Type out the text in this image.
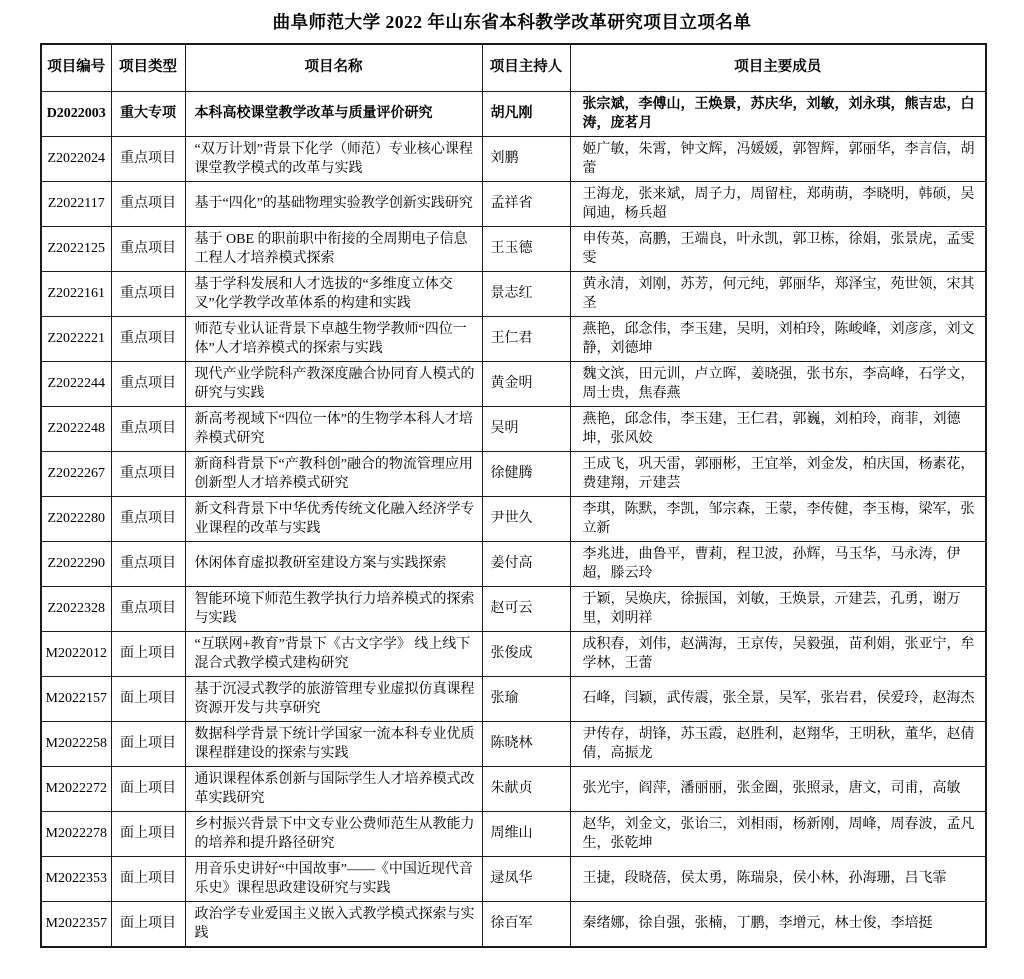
曲阜师范大学 2022 年山东省本科教学改革研究项目立项名单
项目编号	项目类型	项目名称	项目主持人	项目主要成员
D2022003	重大专项	本科高校课堂教学改革与质量评价研究	胡凡刚	张宗斌，李傅山，王焕景，苏庆华，刘敏，刘永琪，熊吉忠，白涛，庞茗月
Z2022024	重点项目	“双万计划”背景下化学（师范）专业核心课程课堂教学模式的改革与实践	刘鹏	姬广敏，朱霄，钟文辉，冯媛媛，郭智辉，郭丽华，李言信，胡蕾
Z2022117	重点项目	基于“四化”的基础物理实验教学创新实践研究	孟祥省	王海龙，张来斌，周子力，周留柱，郑萌萌，李晓明，韩硕，吴闻迪，杨兵超
Z2022125	重点项目	基于 OBE 的职前职中衔接的全周期电子信息工程人才培养模式探索	王玉德	申传英，高鹏，王端良，叶永凯，郭卫栋，徐娟，张景虎，孟雯雯
Z2022161	重点项目	基于学科发展和人才选拔的“多维度立体交叉”化学教学改革体系的构建和实践	景志红	黄永清，刘刚，苏芳，何元纯，郭丽华，郑泽宝，苑世领，宋其圣
Z2022221	重点项目	师范专业认证背景下卓越生物学教师“四位一体”人才培养模式的探索与实践	王仁君	燕艳，邱念伟，李玉建，吴明，刘柏玲，陈峻峰，刘彦彦，刘文静，刘德坤
Z2022244	重点项目	现代产业学院科产教深度融合协同育人模式的研究与实践	黄金明	魏文滨，田元训，卢立晖，姜晓强，张书东，李高峰，石学文，周士贵，焦春燕
Z2022248	重点项目	新高考视域下“四位一体”的生物学本科人才培养模式研究	吴明	燕艳，邱念伟，李玉建，王仁君，郭巍，刘柏玲，商菲，刘德坤，张风姣
Z2022267	重点项目	新商科背景下“产教科创”融合的物流管理应用创新型人才培养模式研究	徐健腾	王成飞，巩天雷，郭丽彬，王宜举，刘金发，柏庆国，杨素花，费建翔，亓建芸
Z2022280	重点项目	新文科背景下中华优秀传统文化融入经济学专业课程的改革与实践	尹世久	李琪，陈默，李凯，邹宗森，王蒙，李传健，李玉梅，梁军，张立新
Z2022290	重点项目	休闲体育虚拟教研室建设方案与实践探索	姜付高	李兆进，曲鲁平，曹莉，程卫波，孙辉，马玉华，马永涛，伊超，滕云玲
Z2022328	重点项目	智能环境下师范生教学执行力培养模式的探索与实践	赵可云	于颖，吴焕庆，徐振国，刘敏，王焕景，亓建芸，孔勇，谢万里，刘明祥
M2022012	面上项目	“互联网+教育”背景下《古文字学》 线上线下混合式教学模式建构研究	张俊成	成积春，刘伟，赵满海，王京传，吴毅强，苗利娟，张亚宁，牟学林，王蕾
M2022157	面上项目	基于沉浸式教学的旅游管理专业虚拟仿真课程资源开发与共享研究	张瑜	石峰，闫颖，武传震，张全景，吴军，张岩君，侯爱玲，赵海杰
M2022258	面上项目	数据科学背景下统计学国家一流本科专业优质课程群建设的探索与实践	陈晓林	尹传存，胡锋，苏玉霞，赵胜利，赵翔华，王明秋，董华，赵倩倩，高振龙
M2022272	面上项目	通识课程体系创新与国际学生人才培养模式改革实践研究	朱献贞	张光宇，阎萍，潘丽丽，张金圈，张照录，唐文，司甫，高敏
M2022278	面上项目	乡村振兴背景下中文专业公费师范生从教能力的培养和提升路径研究	周维山	赵华，刘金文，张诒三，刘相雨，杨新刚，周峰，周春波，孟凡生，张乾坤
M2022353	面上项目	用音乐史讲好“中国故事”——《中国近现代音乐史》课程思政建设研究与实践	逯凤华	王捷，段晓蓓，侯太勇，陈瑞泉，侯小林，孙海珊，吕飞霏
M2022357	面上项目	政治学专业爱国主义嵌入式教学模式探索与实践	徐百军	秦绪娜，徐自强，张楠，丁鹏，李增元，林士俊，李培挺
